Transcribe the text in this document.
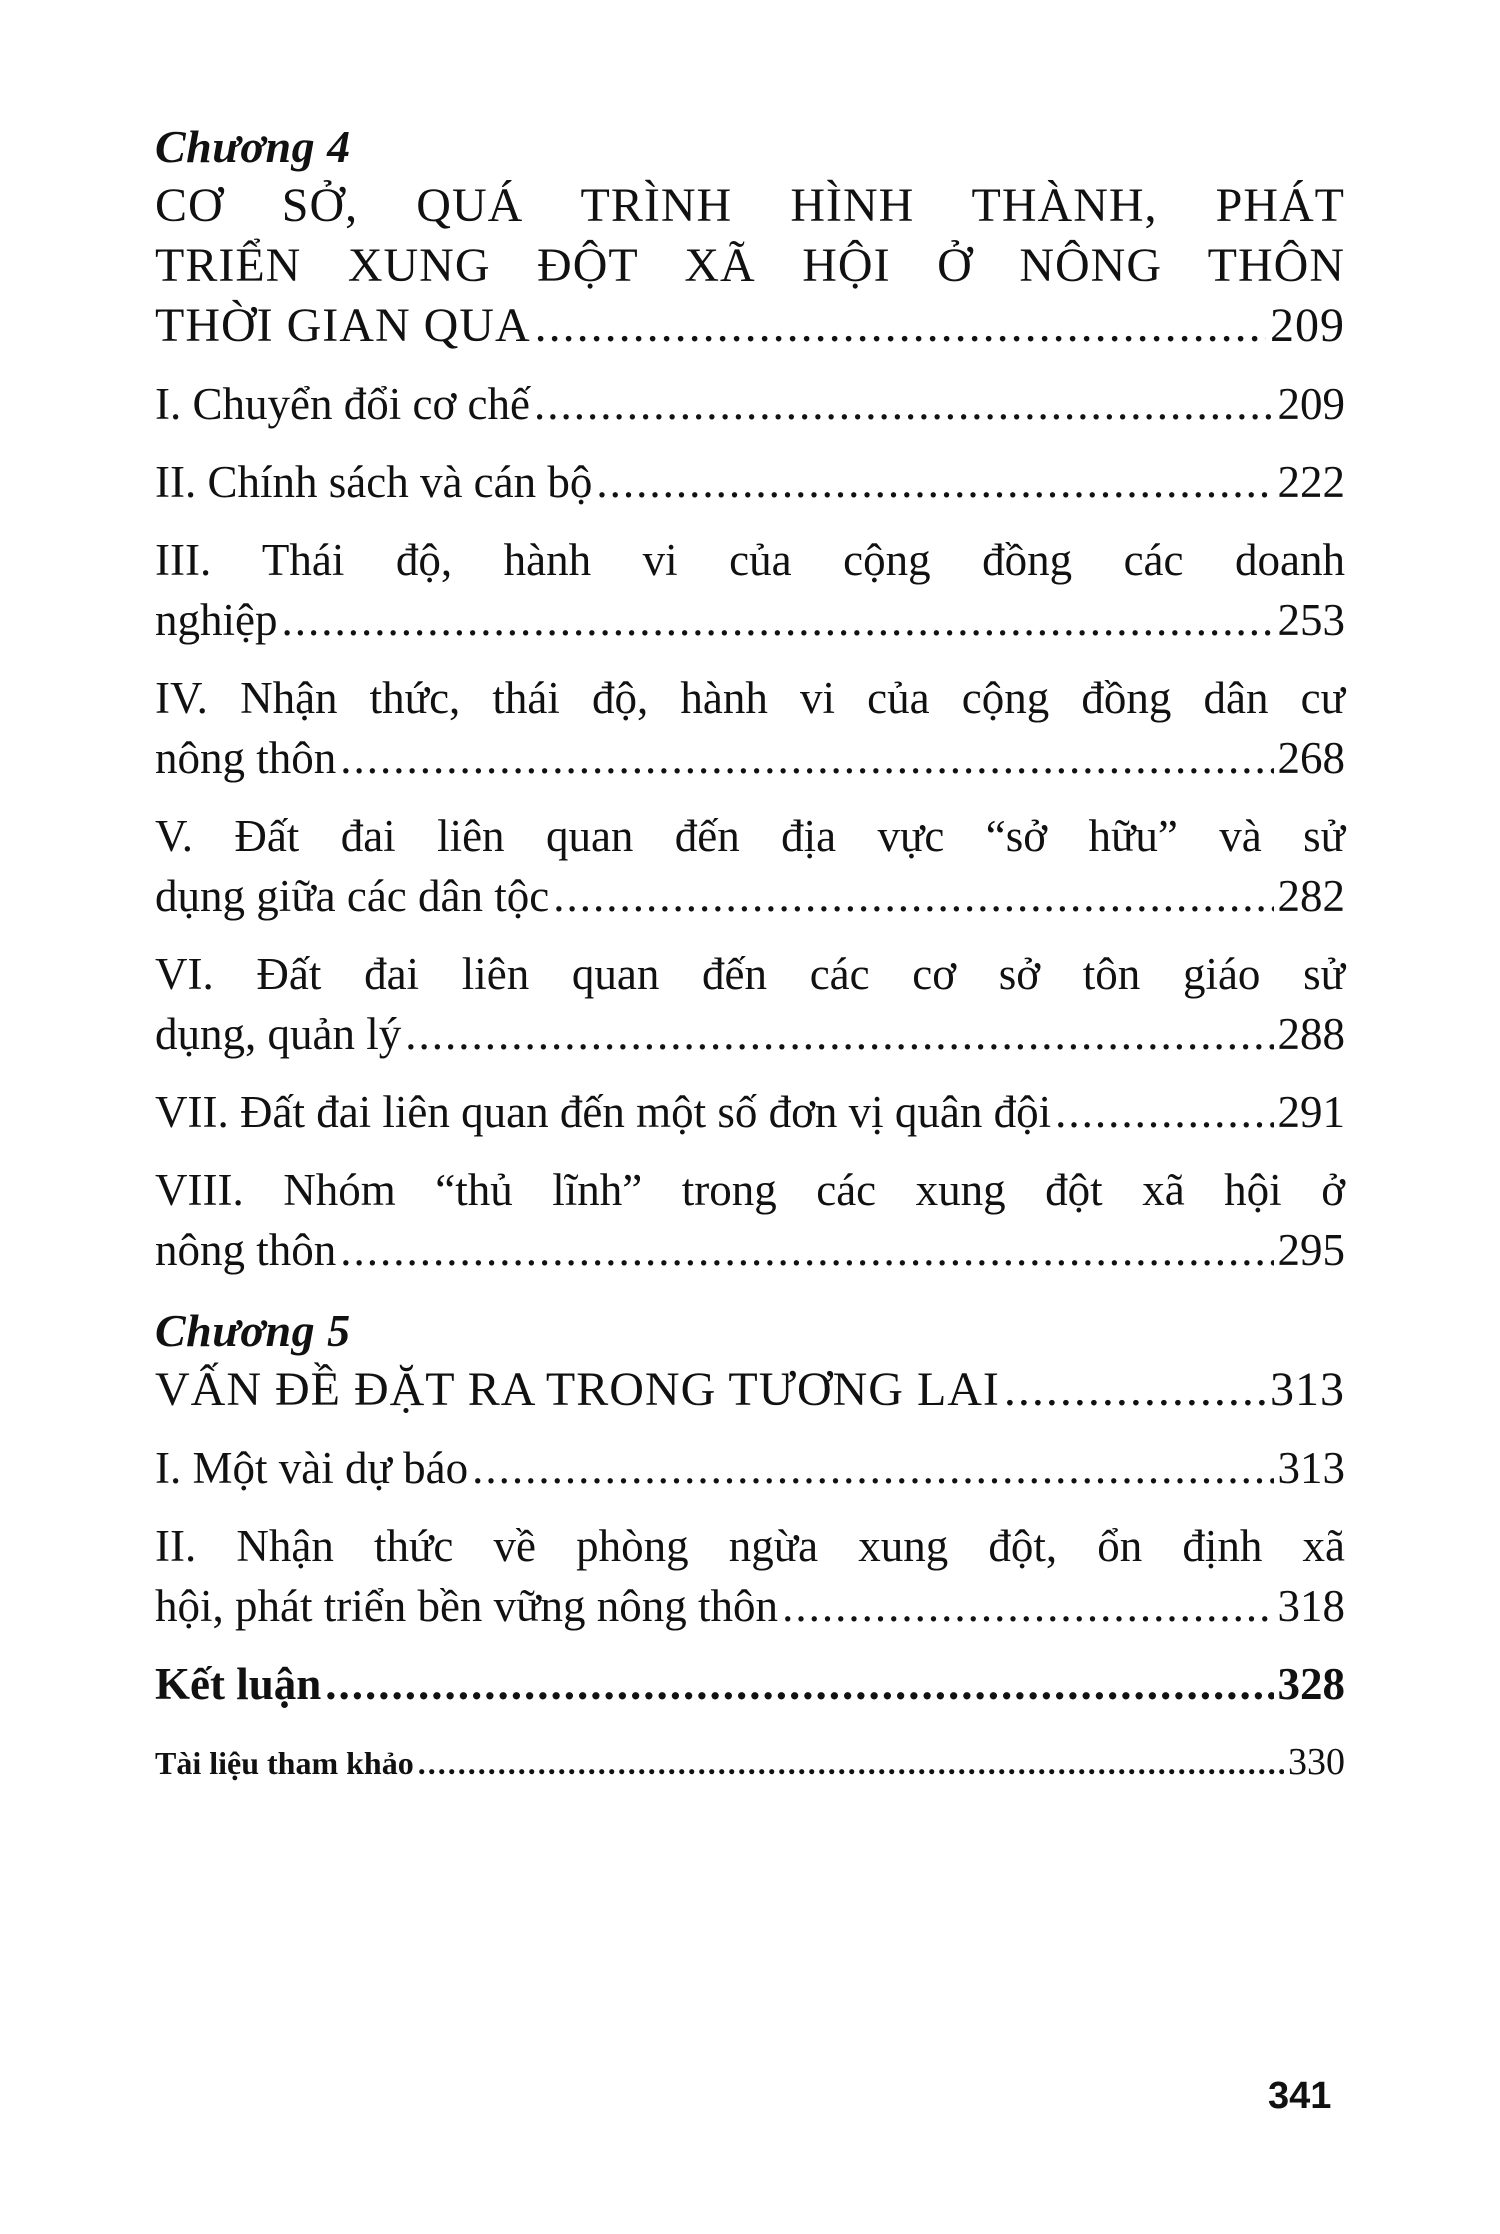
Chương 4
CƠ SỞ, QUÁ TRÌNH HÌNH THÀNH, PHÁT
TRIỂN XUNG ĐỘT XÃ HỘI Ở NÔNG THÔN
THỜI GIAN QUA .....	209
I. Chuyển đổi cơ chế .....	209
II. Chính sách và cán bộ .....	222
III. Thái độ, hành vi của cộng đồng các doanh
nghiệp .....	253
IV. Nhận thức, thái độ, hành vi của cộng đồng dân cư
nông thôn .....	268
V. Đất đai liên quan đến địa vực “sở hữu” và sử
dụng giữa các dân tộc .....	282
VI. Đất đai liên quan đến các cơ sở tôn giáo sử
dụng, quản lý .....	288
VII. Đất đai liên quan đến một số đơn vị quân đội .....	291
VIII. Nhóm “thủ lĩnh” trong các xung đột xã hội ở
nông thôn .....	295
Chương 5
VẤN ĐỀ ĐẶT RA TRONG TƯƠNG LAI .....	313
I. Một vài dự báo .....	313
II. Nhận thức về phòng ngừa xung đột, ổn định xã
hội, phát triển bền vững nông thôn .....	318
Kết luận .....	328
Tài liệu tham khảo .....	330
341
